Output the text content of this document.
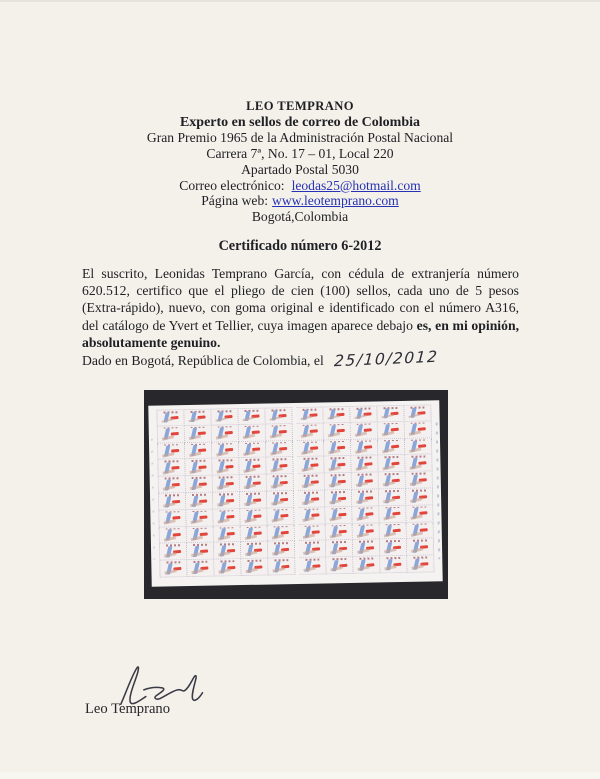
LEO TEMPRANO
Experto en sellos de correo de Colombia
Gran Premio 1965 de la Administración Postal Nacional
Carrera 7ª, No. 17 – 01, Local 220
Apartado Postal 5030
Correo electrónico: leodas25@hotmail.com
Página web: www.leotemprano.com
Bogotá,Colombia
Certificado número 6-2012

El suscrito, Leonidas Temprano García, con cédula de extranjería número 620.512, certifico que el pliego de cien (100) sellos, cada uno de 5 pesos (Extra-rápido), nuevo, con goma original e identificado con el número A316, del catálogo de Yvert et Tellier, cuya imagen aparece debajo es, en mi opinión, absolutamente genuino.

Dado en Bogotá, República de Colombia, el 25/10/2012
Leo Temprano
